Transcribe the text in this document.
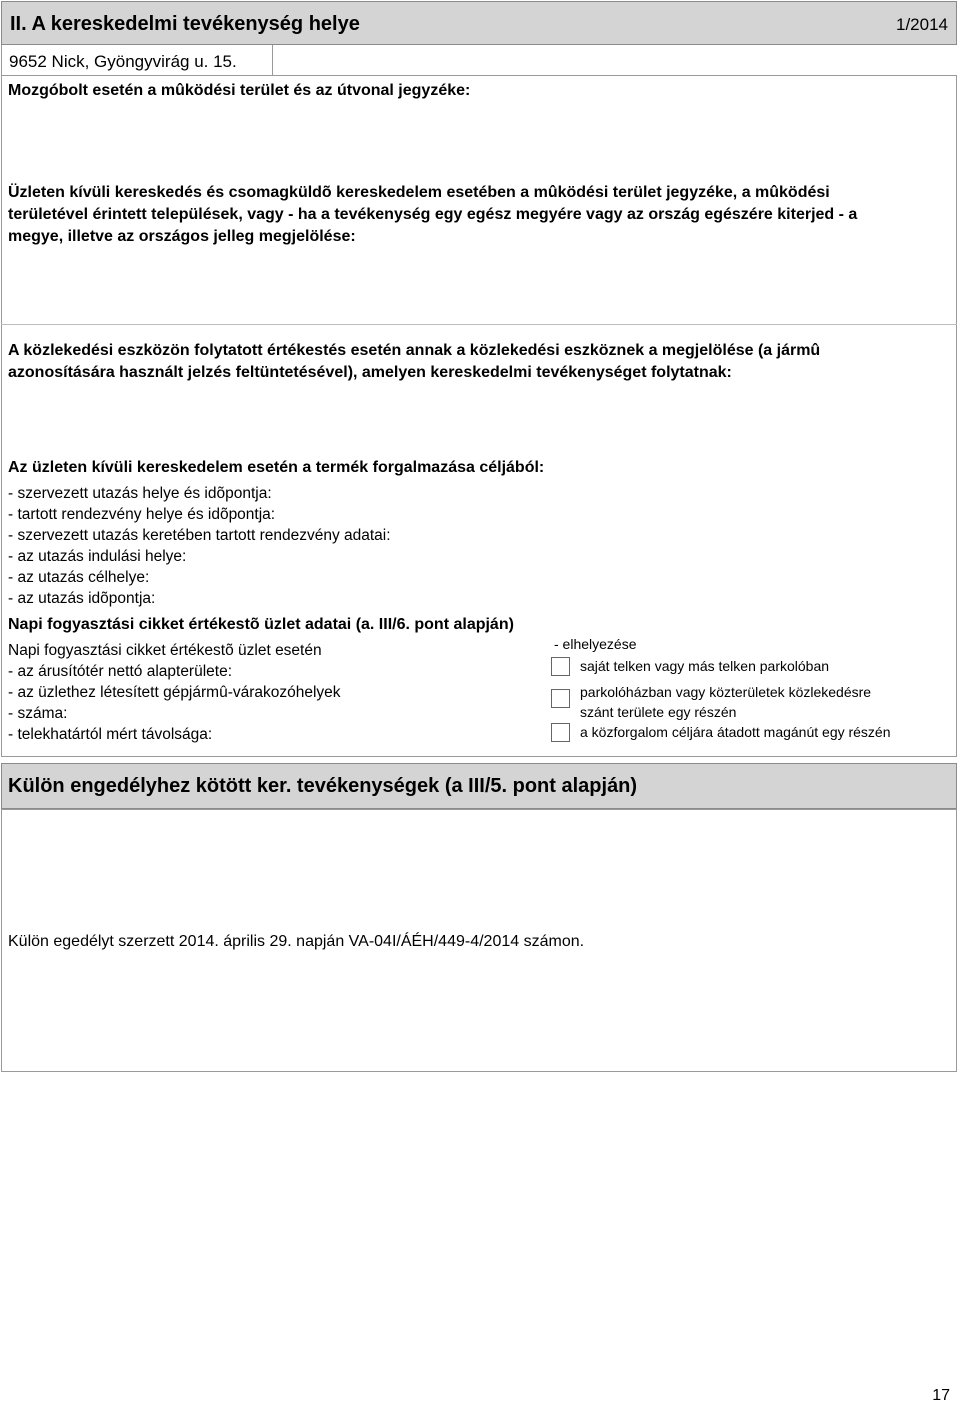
II. A kereskedelmi tevékenység helye	1/2014
9652 Nick, Gyöngyvirág u. 15.
Mozgóbolt esetén a mûködési terület és az útvonal jegyzéke:
Üzleten kívüli kereskedés és csomagküldõ kereskedelem esetében a mûködési terület jegyzéke, a mûködési
területével érintett települések, vagy - ha a tevékenység egy egész megyére vagy az ország egészére kiterjed - a
megye, illetve az országos jelleg megjelölése:
A közlekedési eszközön folytatott értékestés esetén annak a közlekedési eszköznek a megjelölése (a jármû
azonosítására használt jelzés feltüntetésével), amelyen kereskedelmi tevékenységet folytatnak:
Az üzleten kívüli kereskedelem esetén a termék forgalmazása céljából:
- szervezett utazás helye és idõpontja:
- tartott rendezvény helye és idõpontja:
- szervezett utazás keretében tartott rendezvény adatai:
- az utazás indulási helye:
- az utazás célhelye:
- az utazás idõpontja:
Napi fogyasztási cikket értékestõ üzlet adatai (a. III/6. pont alapján)
Napi fogyasztási cikket értékestõ üzlet esetén
- az árusítótér nettó alapterülete:
- az üzlethez létesített gépjármû-várakozóhelyek
- száma:
- telekhatártól mért távolsága:
- elhelyezése
saját telken vagy más telken parkolóban
parkolóházban vagy közterületek közlekedésre
szánt területe egy részén
a közforgalom céljára átadott magánút egy részén
Külön engedélyhez kötött ker. tevékenységek (a III/5. pont alapján)
Külön egedélyt szerzett 2014. április 29. napján VA-04I/ÁÉH/449-4/2014 számon.
17
